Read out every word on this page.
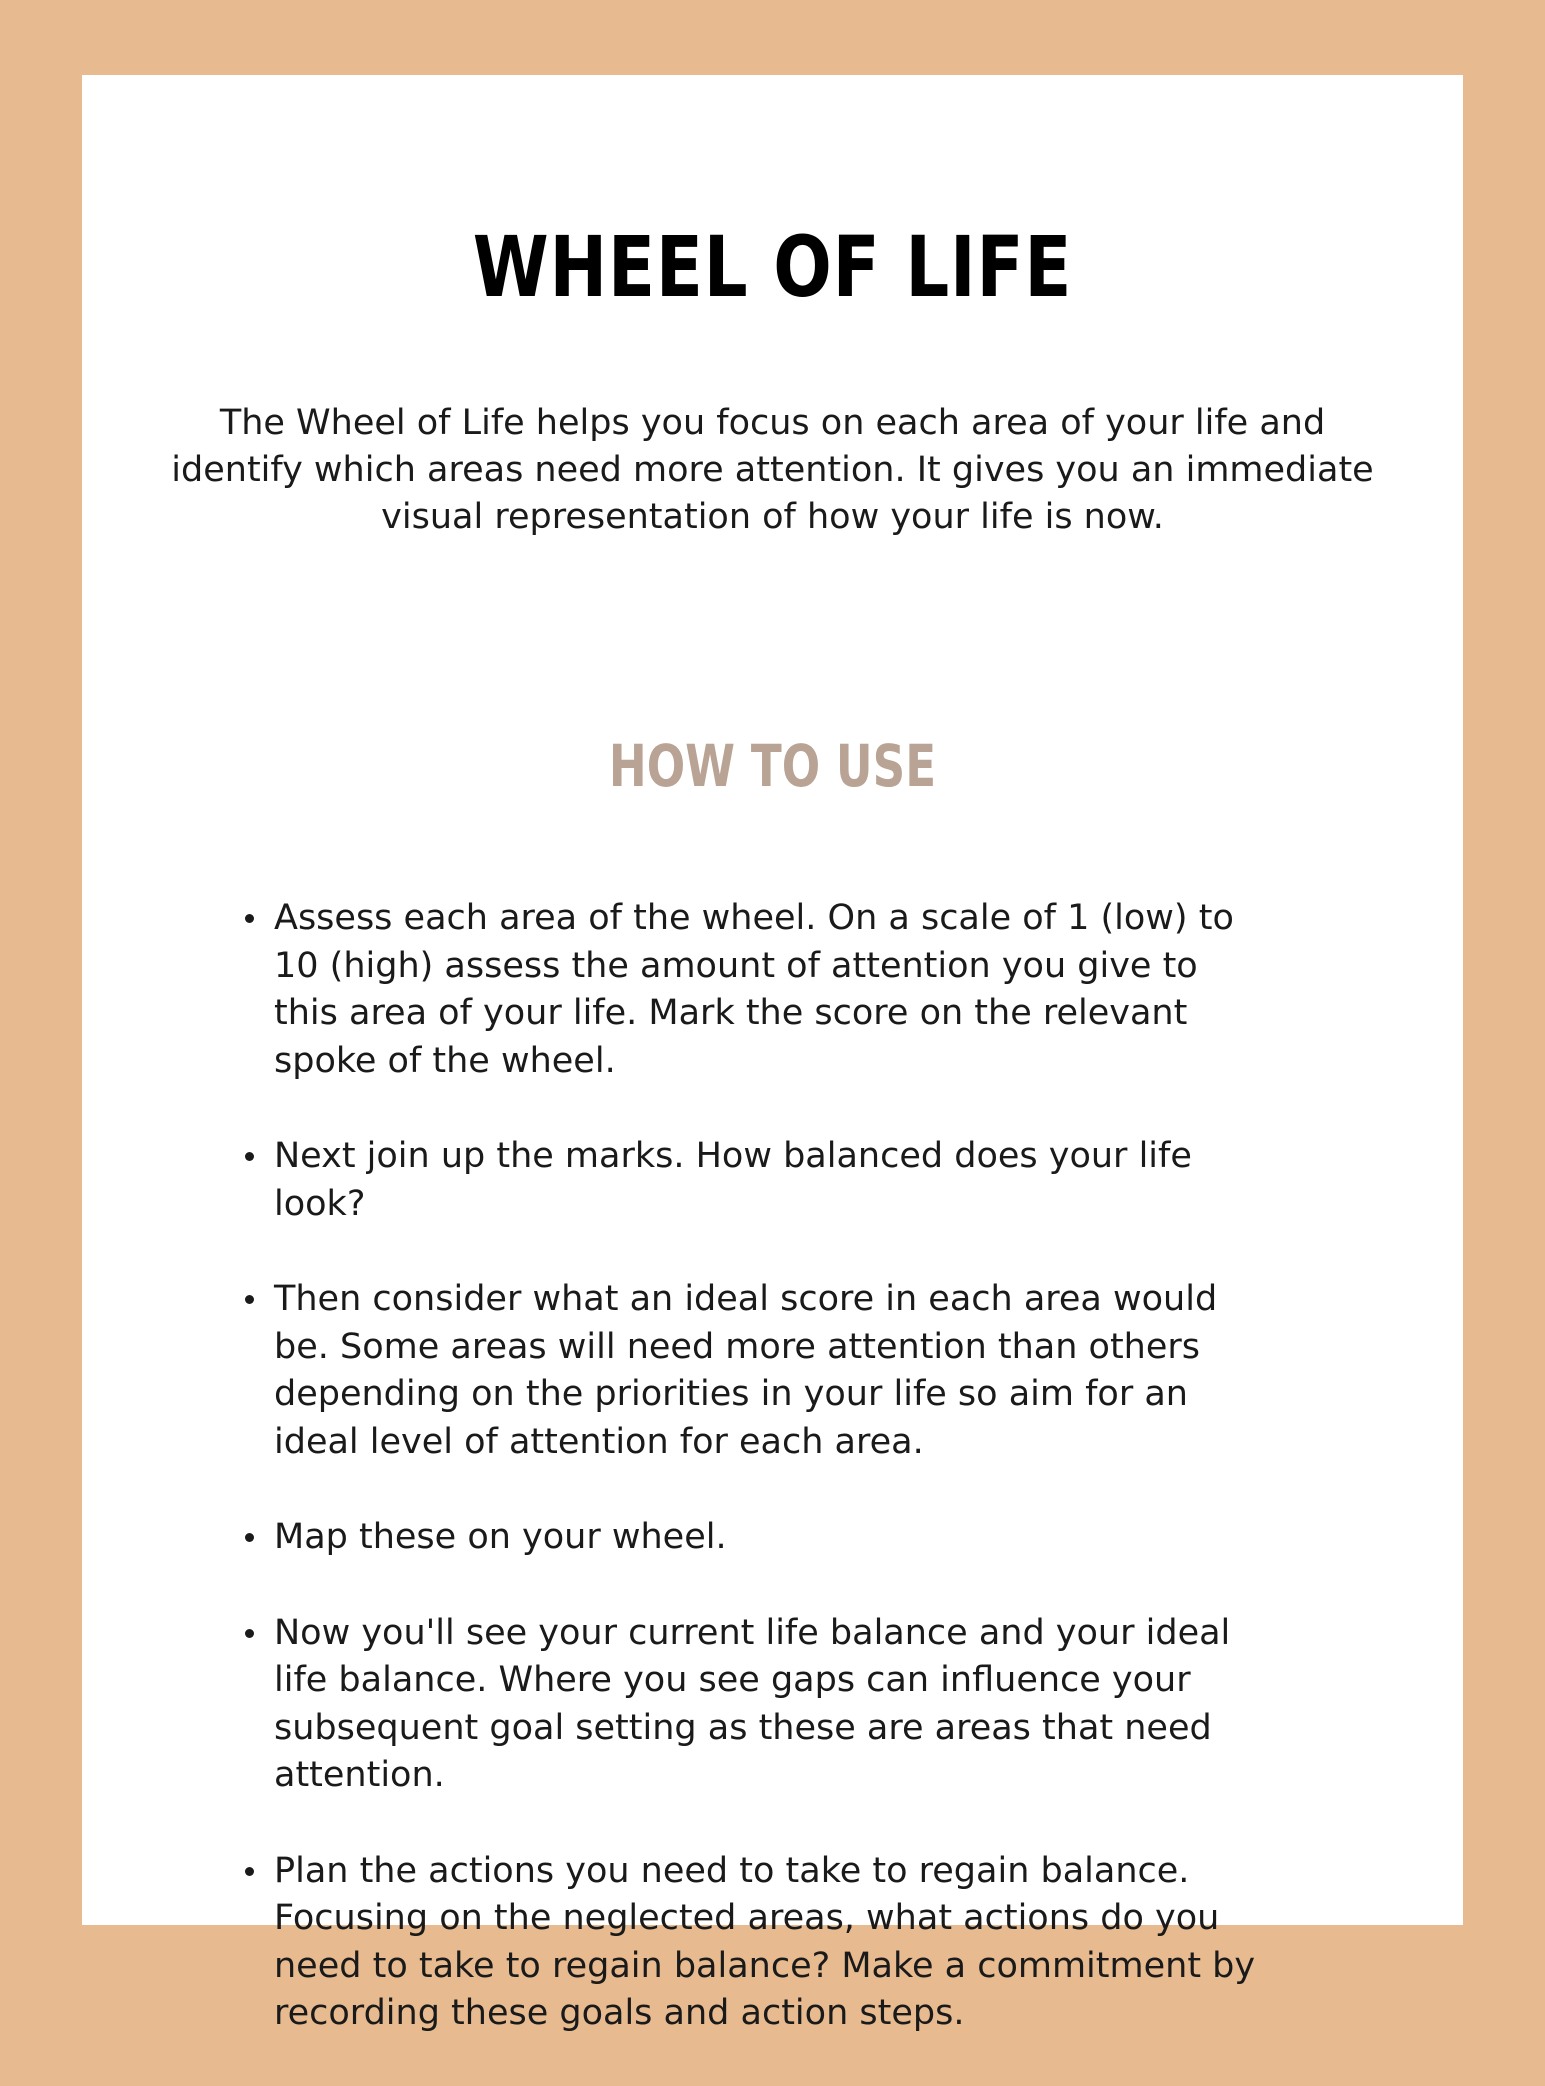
WHEEL OF LIFE

The Wheel of Life helps you focus on each area of your life and identify which areas need more attention. It gives you an immediate visual representation of how your life is now.

HOW TO USE
Assess each area of the wheel. On a scale of 1 (low) to 10 (high) assess the amount of attention you give to this area of your life. Mark the score on the relevant spoke of the wheel.
Next join up the marks. How balanced does your life look?
Then consider what an ideal score in each area would be. Some areas will need more attention than others depending on the priorities in your life so aim for an ideal level of attention for each area.
Map these on your wheel.
Now you'll see your current life balance and your ideal life balance. Where you see gaps can influence your subsequent goal setting as these are areas that need attention.
Plan the actions you need to take to regain balance. Focusing on the neglected areas, what actions do you need to take to regain balance? Make a commitment by recording these goals and action steps.
